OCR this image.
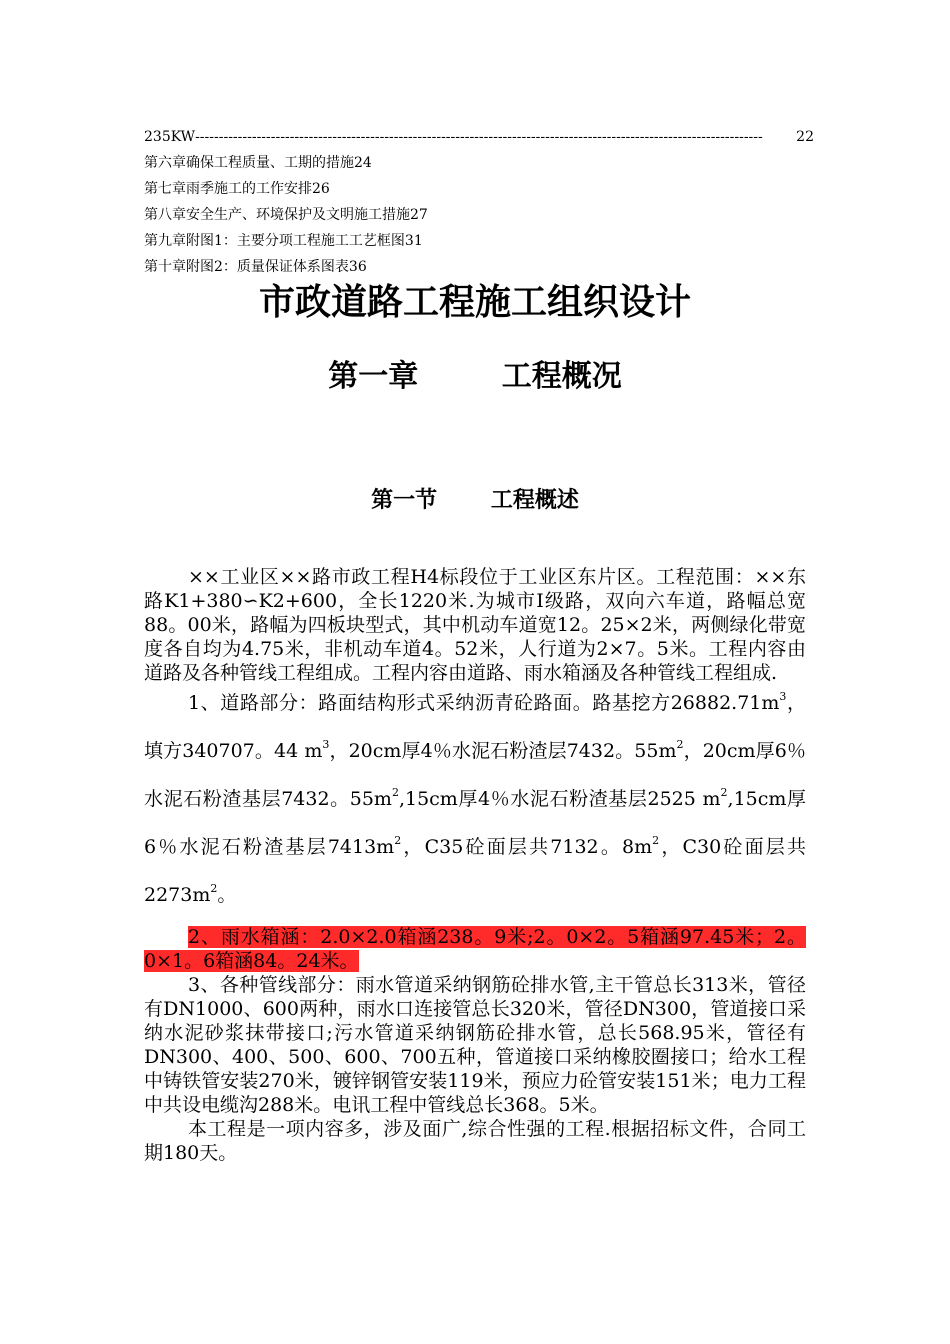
235KW ------------------------------------------------------------------------------------------------------------------------	22
第六章确保工程质量、工期的措施24
第七章雨季施工的工作安排26
第八章安全生产、环境保护及文明施工措施27
第九章附图1：主要分项工程施工工艺框图31
第十章附图2：质量保证体系图表36
市政道路工程施工组织设计
第一章	工程概况
第一节 工程概述

××工业区××路市政工程H4标段位于工业区东片区。工程范围：××东路K1+380∽K2+600，全长1220米.为城市Ⅰ级路，双向六车道，路幅总宽88。00米，路幅为四板块型式，其中机动车道宽12。25×2米，两侧绿化带宽度各自均为4.75米，非机动车道4。52米，人行道为2×7。5米。工程内容由道路及各种管线工程组成。工程内容由道路、雨水箱涵及各种管线工程组成.

1、道路部分：路面结构形式采纳沥青砼路面。路基挖方$26882.71m^3$，填方340707。44 $m^3$，20cm厚4％水泥石粉渣层7432。$55m^2$，20cm厚6％水泥石粉渣基层7432。$55m^2,15cm$厚4％水泥石粉渣基层2525 $m^2,15cm$厚6％水泥石粉渣基层$7413m^2$，C35砼面层共7132。$8m^2$，C30砼面层共$2273m^2$。

2、雨水箱涵：2.0×2.0箱涵238。9米;2。0×2。5箱涵97.45米；2。0×1。6箱涵84。24米。

3、各种管线部分：雨水管道采纳钢筋砼排水管,主干管总长313米，管径有DN1000、600两种，雨水口连接管总长320米，管径DN300，管道接口采纳水泥砂浆抹带接口;污水管道采纳钢筋砼排水管，总长568.95米，管径有DN300、400、500、600、700五种，管道接口采纳橡胶圈接口；给水工程中铸铁管安装270米，镀锌钢管安装119米，预应力砼管安装151米；电力工程中共设电缆沟288米。电讯工程中管线总长368。5米。

本工程是一项内容多，涉及面广,综合性强的工程.根据招标文件，合同工期180天。
